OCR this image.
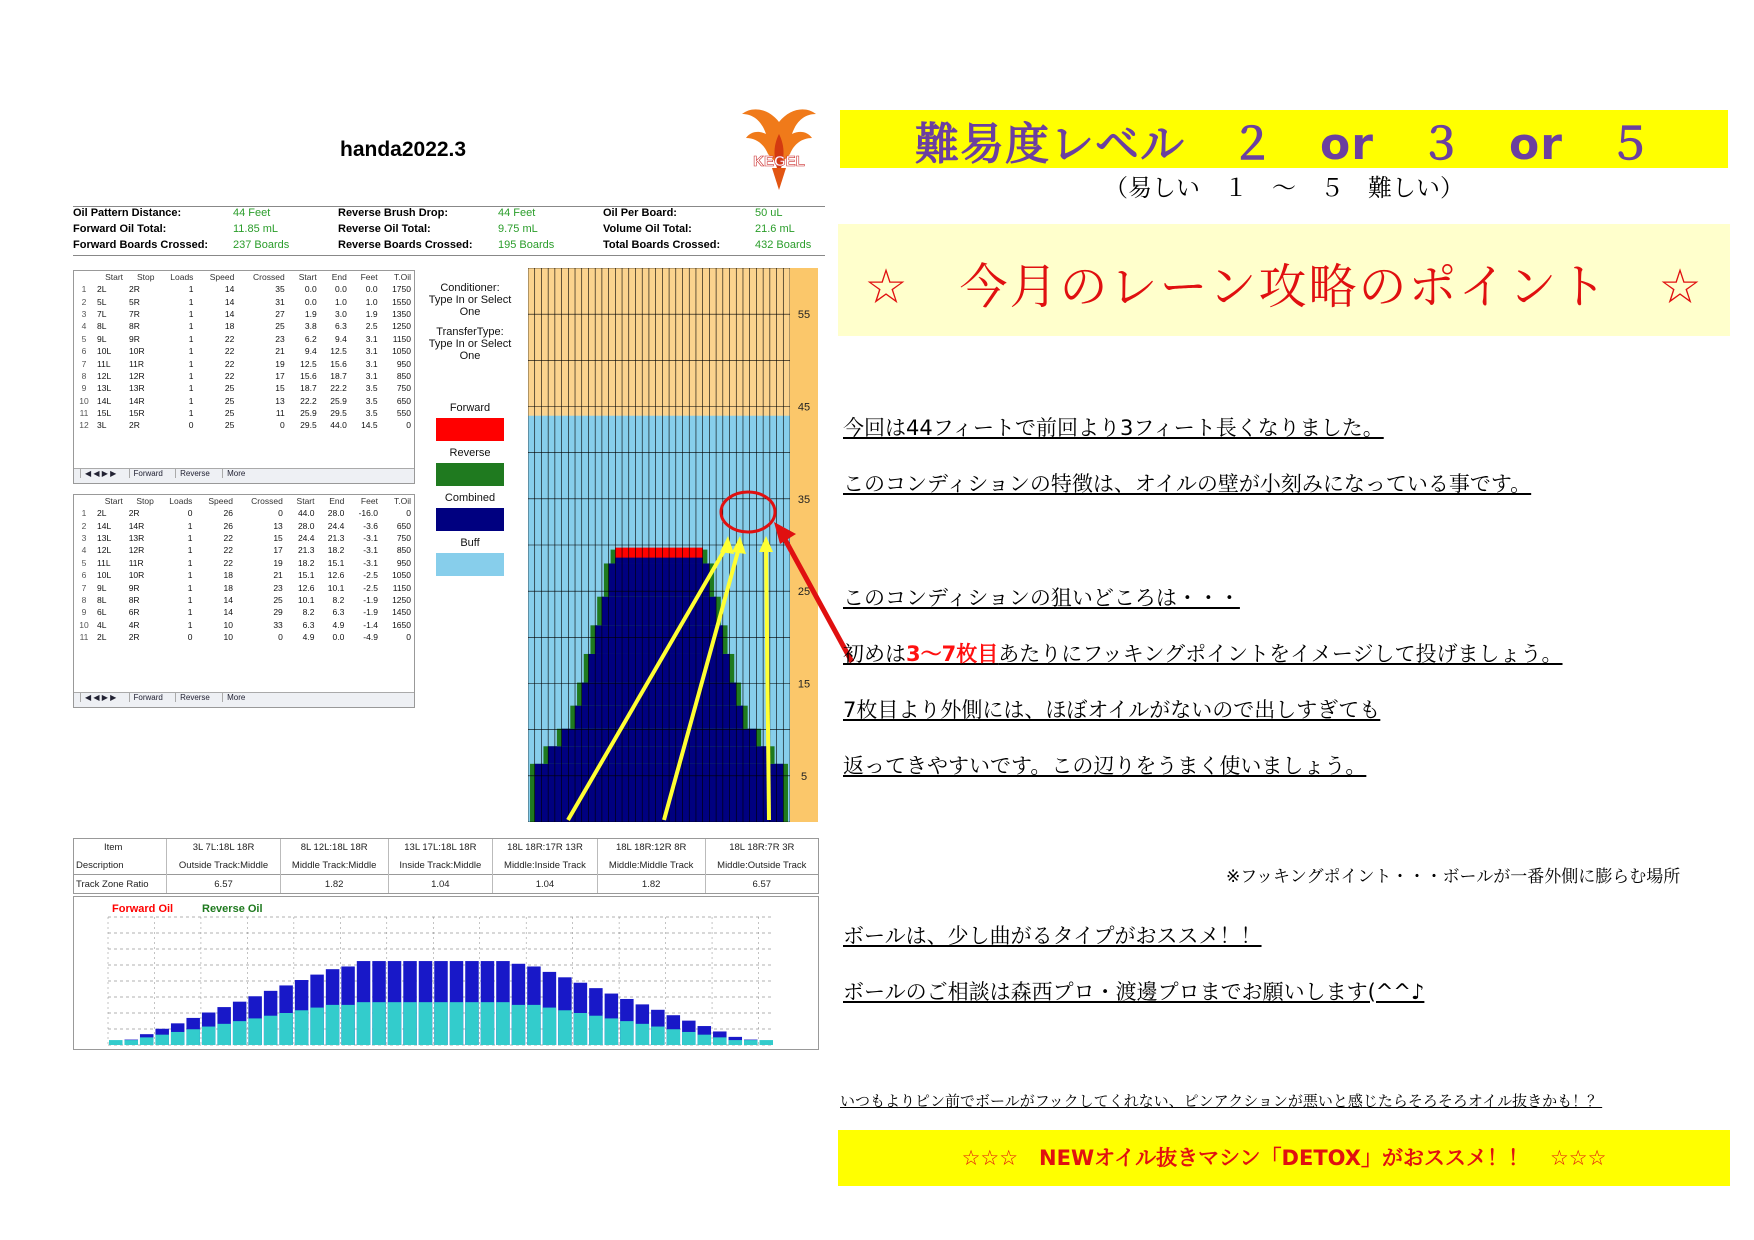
handa2022.3
KEGEL
Oil Pattern Distance:	44 Feet	Reverse Brush Drop:	44 Feet	Oil Per Board:	50 uL
Forward Oil Total:	11.85 mL	Reverse Oil Total:	9.75 mL	Volume Oil Total:	21.6 mL
Forward Boards Crossed: 237 Boards	Reverse Boards Crossed: 195 Boards	Total Boards Crossed:	432 Boards
	Start	Stop	Loads	Speed	Crossed	Start	End	Feet	T.Oil
1	2L	2R	1	14	35	0.0	0.0	0.0	1750
2	5L	5R	1	14	31	0.0	1.0	1.0	1550
3	7L	7R	1	14	27	1.9	3.0	1.9	1350
4	8L	8R	1	18	25	3.8	6.3	2.5	1250
5	9L	9R	1	22	23	6.2	9.4	3.1	1150
6	10L	10R	1	22	21	9.4	12.5	3.1	1050
7	11L	11R	1	22	19	12.5	15.6	3.1	950
8	12L	12R	1	22	17	15.6	18.7	3.1	850
9	13L	13R	1	25	15	18.7	22.2	3.5	750
10	14L	14R	1	25	13	22.2	25.9	3.5	650
11	15L	15R	1	25	11	25.9	29.5	3.5	550
12	3L	2R	0	25	0	29.5	44.0	14.5	0
◀ ◀ ▶ ▶ Forward Reverse More
	Start	Stop	Loads	Speed	Crossed	Start	End	Feet	T.Oil
1	2L	2R	0	26	0	44.0	28.0	-16.0	0
2	14L	14R	1	26	13	28.0	24.4	-3.6	650
3	13L	13R	1	22	15	24.4	21.3	-3.1	750
4	12L	12R	1	22	17	21.3	18.2	-3.1	850
5	11L	11R	1	22	19	18.2	15.1	-3.1	950
6	10L	10R	1	18	21	15.1	12.6	-2.5	1050
7	9L	9R	1	18	23	12.6	10.1	-2.5	1150
8	8L	8R	1	14	25	10.1	8.2	-1.9	1250
9	6L	6R	1	14	29	8.2	6.3	-1.9	1450
10	4L	4R	1	10	33	6.3	4.9	-1.4	1650
11	2L	2R	0	10	0	4.9	0.0	-4.9	0
◀ ◀ ▶ ▶ Forward Reverse More
Conditioner:
Type In or Select One
TransferType:
Type In or Select One
Forward
Reverse
Combined
Buff
55
45
35
25
15
5
Item	3L 7L:18L 18R	8L 12L:18L 18R	13L 17L:18L 18R	18L 18R:17R 13R	18L 18R:12R 8R	18L 18R:7R 3R
Description	Outside Track:Middle	Middle Track:Middle	Inside Track:Middle	Middle:Inside Track	Middle:Middle Track	Middle:Outside Track
Track Zone Ratio	6.57	1.82	1.04	1.04	1.82	6.57
Forward Oil	Reverse Oil
難易度レベル　２　or　３　or　５
（易しい　１　～　５　難しい）
☆　今月のレーン攻略のポイント　☆
今回は44フィートで前回より3フィート長くなりました。
このコンディションの特徴は、オイルの壁が小刻みになっている事です。
このコンディションの狙いどころは・・・
初めは3～7枚目あたりにフッキングポイントをイメージして投げましょう。
7枚目より外側には、ほぼオイルがないので出しすぎても
返ってきやすいです。この辺りをうまく使いましょう。
※フッキングポイント・・・ボールが一番外側に膨らむ場所
ボールは、少し曲がるタイプがおススメ！！
ボールのご相談は森西プロ・渡邊プロまでお願いします(^^♪
いつもよりピン前でボールがフックしてくれない、ピンアクションが悪いと感じたらそろそろオイル抜きかも！？
☆☆☆　NEWオイル抜きマシン「DETOX」がおススメ！！　☆☆☆
